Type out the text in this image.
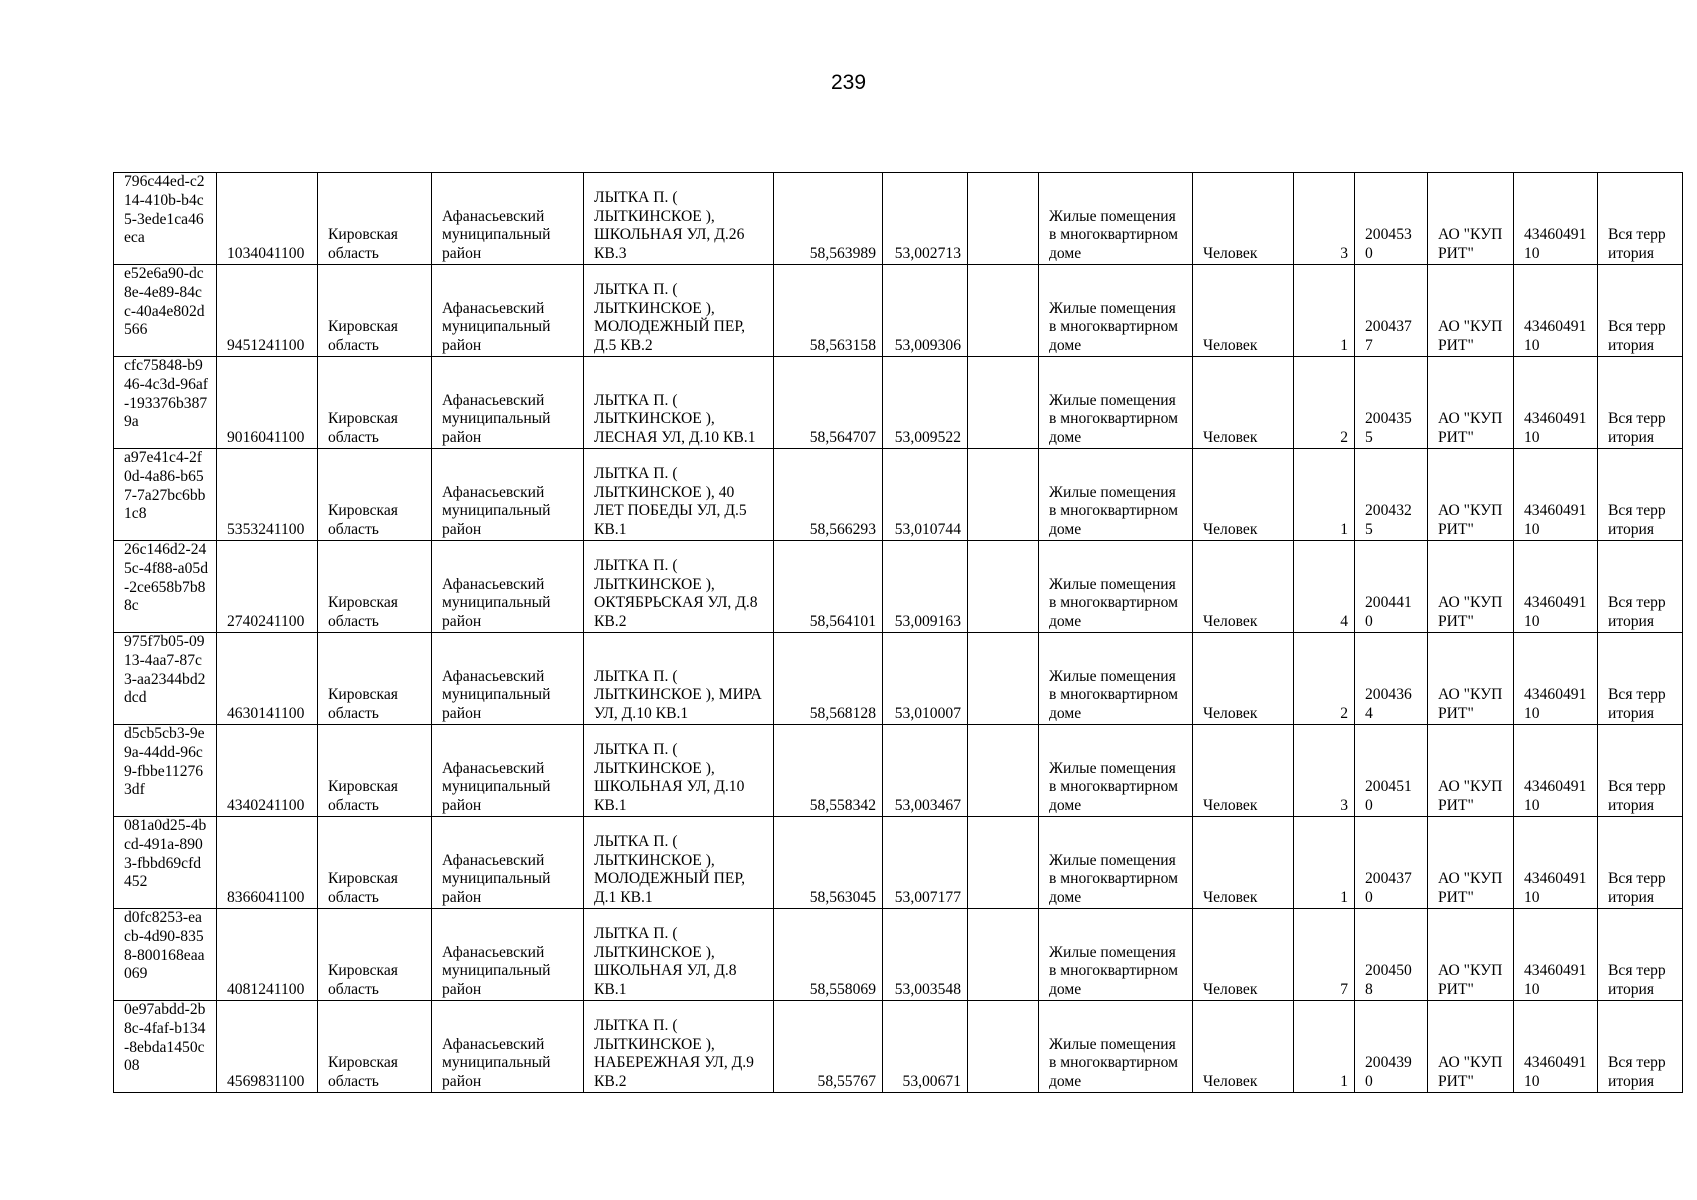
239
796c44ed-c214-410b-b4c5-3ede1ca46eca	1034041100	Кировская область	Афанасьевский муниципальный район	ЛЫТКА П. ( ЛЫТКИНСКОЕ ), ШКОЛЬНАЯ УЛ, Д.26 КВ.3	58,563989	53,002713		Жилые помещения в многоквартирном доме	Человек	3	2004530	АО "КУПРИТ"	4346049110	Вся территория
e52e6a90-dc8e-4e89-84cc-40a4e802d566	9451241100	Кировская область	Афанасьевский муниципальный район	ЛЫТКА П. ( ЛЫТКИНСКОЕ ), МОЛОДЕЖНЫЙ ПЕР, Д.5 КВ.2	58,563158	53,009306		Жилые помещения в многоквартирном доме	Человек	1	2004377	АО "КУПРИТ"	4346049110	Вся территория
cfc75848-b946-4c3d-96af-193376b3879a	9016041100	Кировская область	Афанасьевский муниципальный район	ЛЫТКА П. ( ЛЫТКИНСКОЕ ), ЛЕСНАЯ УЛ, Д.10 КВ.1	58,564707	53,009522		Жилые помещения в многоквартирном доме	Человек	2	2004355	АО "КУПРИТ"	4346049110	Вся территория
a97e41c4-2f0d-4a86-b657-7a27bc6bb1c8	5353241100	Кировская область	Афанасьевский муниципальный район	ЛЫТКА П. ( ЛЫТКИНСКОЕ ), 40 ЛЕТ ПОБЕДЫ УЛ, Д.5 КВ.1	58,566293	53,010744		Жилые помещения в многоквартирном доме	Человек	1	2004325	АО "КУПРИТ"	4346049110	Вся территория
26c146d2-245c-4f88-a05d-2ce658b7b88c	2740241100	Кировская область	Афанасьевский муниципальный район	ЛЫТКА П. ( ЛЫТКИНСКОЕ ), ОКТЯБРЬСКАЯ УЛ, Д.8 КВ.2	58,564101	53,009163		Жилые помещения в многоквартирном доме	Человек	4	2004410	АО "КУПРИТ"	4346049110	Вся территория
975f7b05-0913-4aa7-87c3-aa2344bd2dcd	4630141100	Кировская область	Афанасьевский муниципальный район	ЛЫТКА П. ( ЛЫТКИНСКОЕ ), МИРА УЛ, Д.10 КВ.1	58,568128	53,010007		Жилые помещения в многоквартирном доме	Человек	2	2004364	АО "КУПРИТ"	4346049110	Вся территория
d5cb5cb3-9e9a-44dd-96c9-fbbe112763df	4340241100	Кировская область	Афанасьевский муниципальный район	ЛЫТКА П. ( ЛЫТКИНСКОЕ ), ШКОЛЬНАЯ УЛ, Д.10 КВ.1	58,558342	53,003467		Жилые помещения в многоквартирном доме	Человек	3	2004510	АО "КУПРИТ"	4346049110	Вся территория
081a0d25-4bcd-491a-8903-fbbd69cfd452	8366041100	Кировская область	Афанасьевский муниципальный район	ЛЫТКА П. ( ЛЫТКИНСКОЕ ), МОЛОДЕЖНЫЙ ПЕР, Д.1 КВ.1	58,563045	53,007177		Жилые помещения в многоквартирном доме	Человек	1	2004370	АО "КУПРИТ"	4346049110	Вся территория
d0fc8253-eacb-4d90-8358-800168eaa069	4081241100	Кировская область	Афанасьевский муниципальный район	ЛЫТКА П. ( ЛЫТКИНСКОЕ ), ШКОЛЬНАЯ УЛ, Д.8 КВ.1	58,558069	53,003548		Жилые помещения в многоквартирном доме	Человек	7	2004508	АО "КУПРИТ"	4346049110	Вся территория
0e97abdd-2b8c-4faf-b134-8ebda1450c08	4569831100	Кировская область	Афанасьевский муниципальный район	ЛЫТКА П. ( ЛЫТКИНСКОЕ ), НАБЕРЕЖНАЯ УЛ, Д.9 КВ.2	58,55767	53,00671		Жилые помещения в многоквартирном доме	Человек	1	2004390	АО "КУПРИТ"	4346049110	Вся территория
